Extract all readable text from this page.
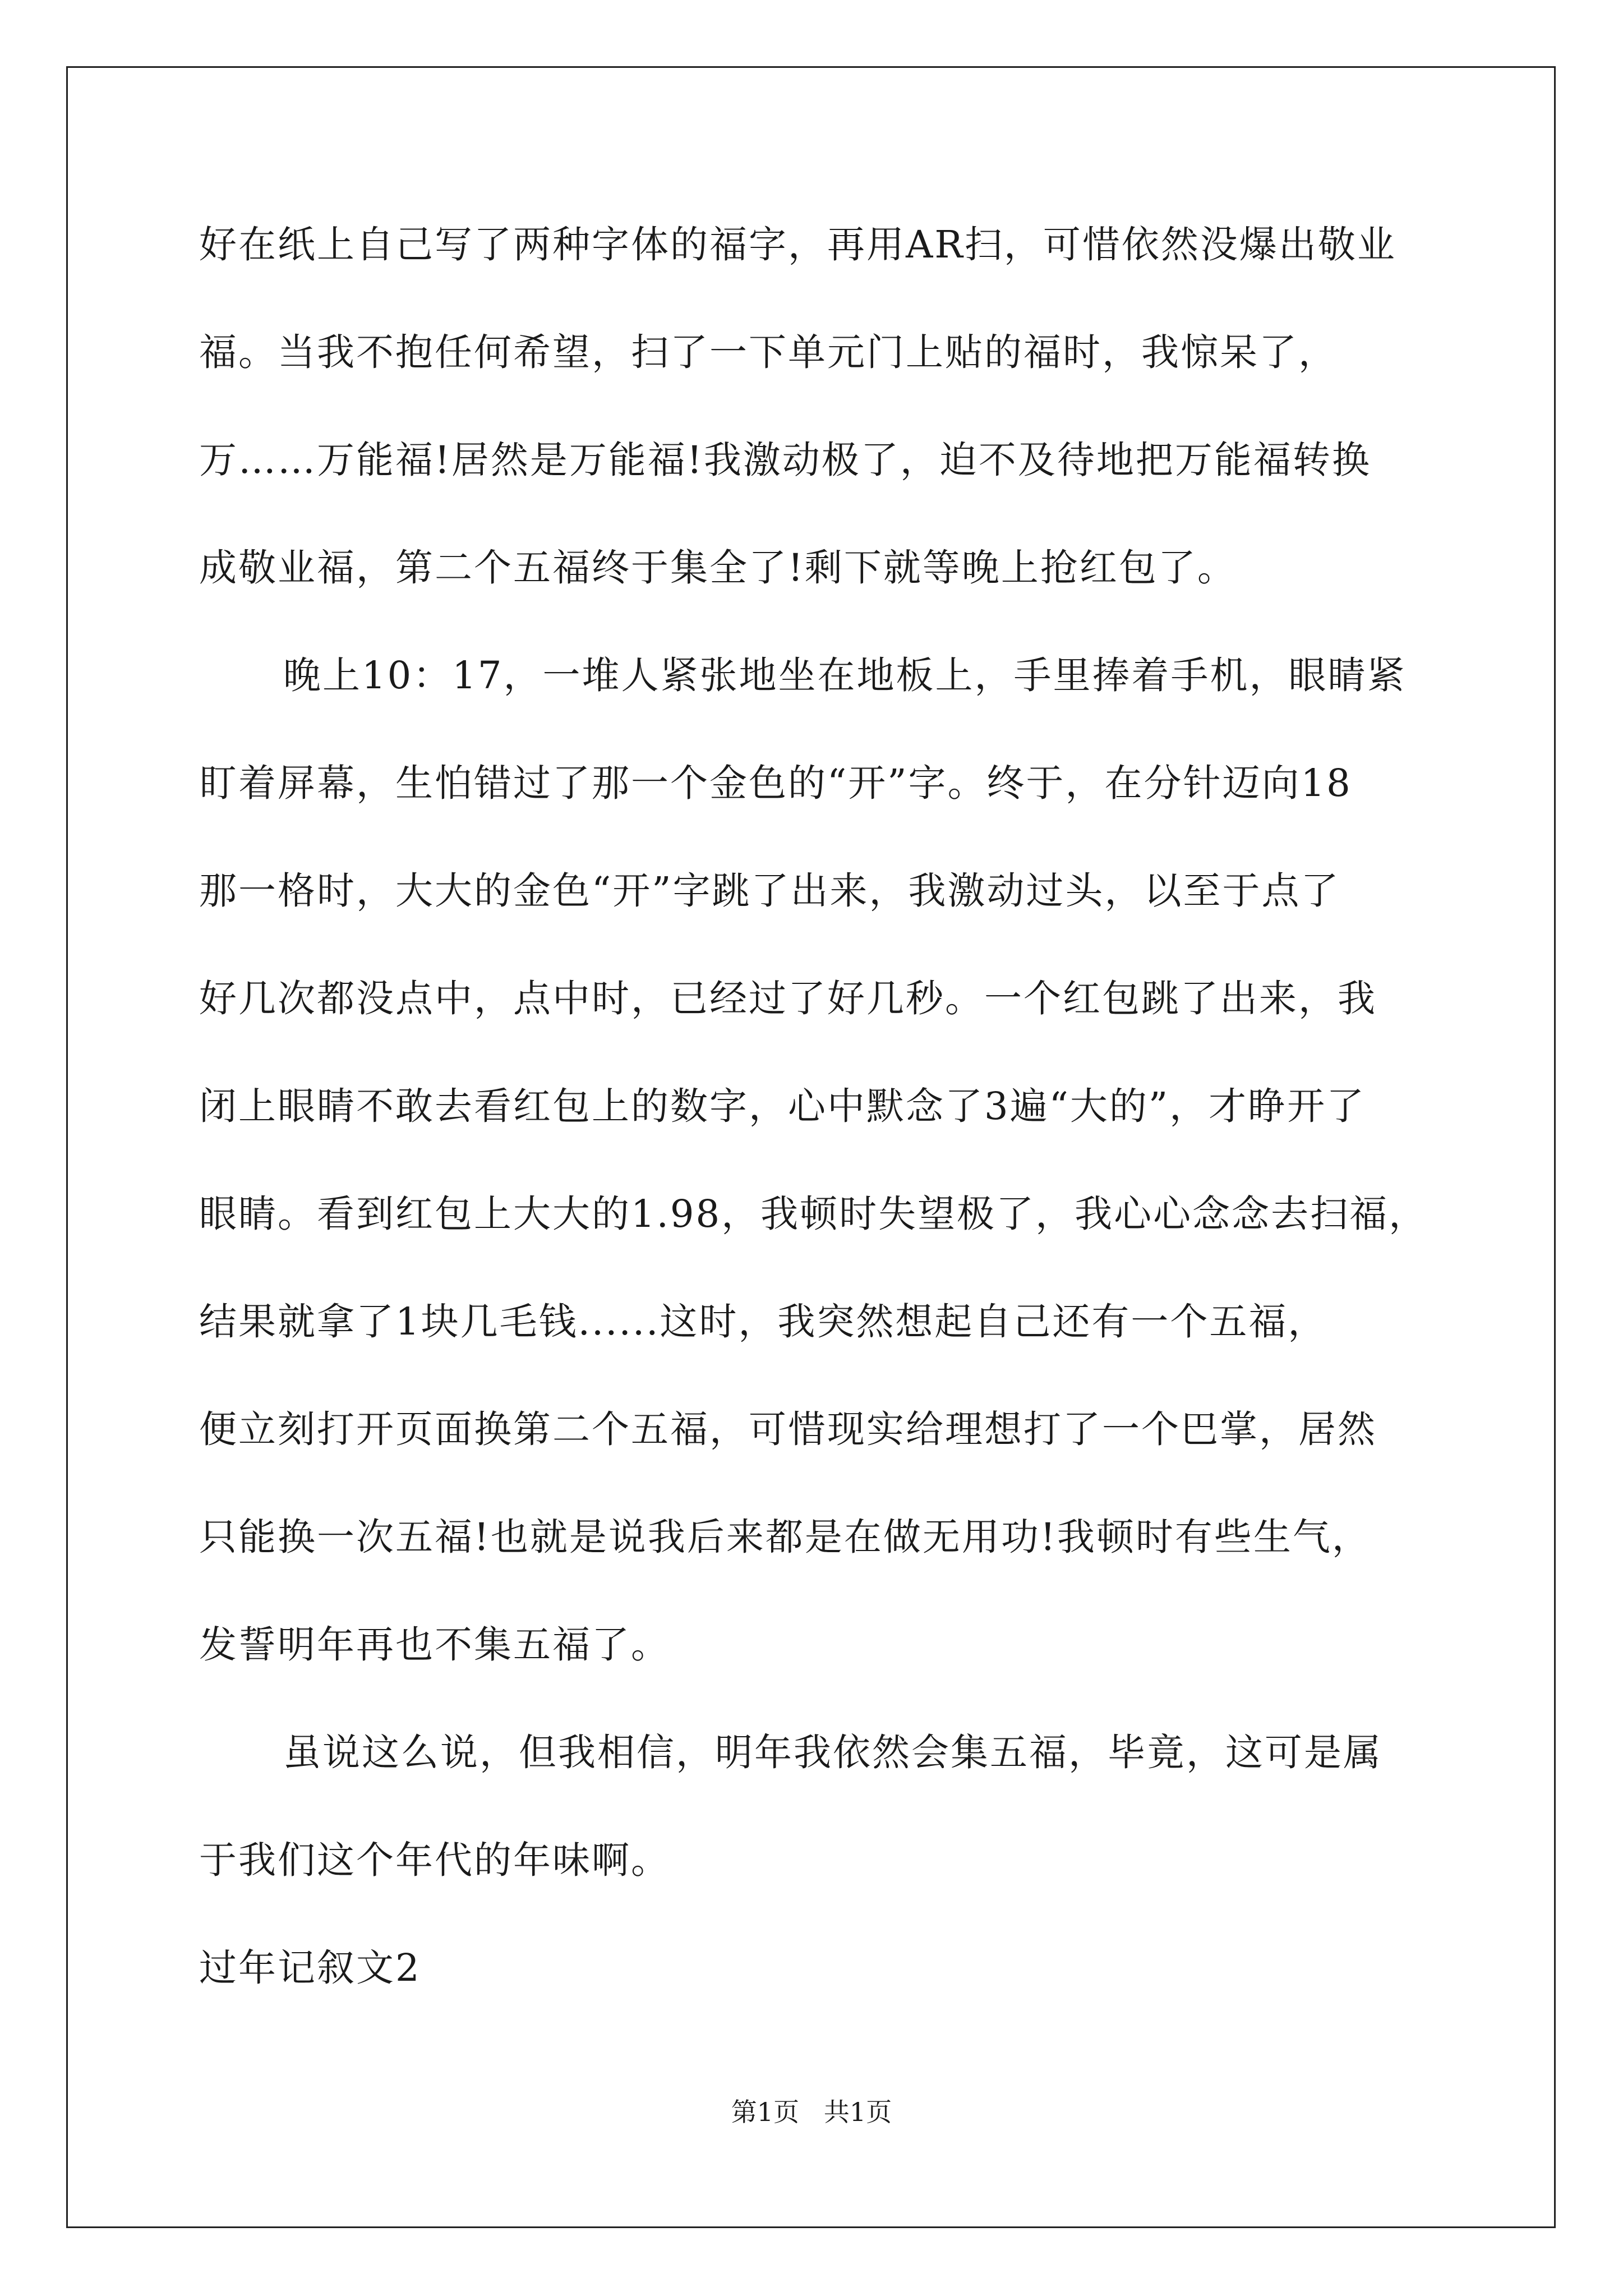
好在纸上自己写了两种字体的福字，再用AR扫，可惜依然没爆出敬业
福。当我不抱任何希望，扫了一下单元门上贴的福时，我惊呆了，
万……万能福!居然是万能福!我激动极了，迫不及待地把万能福转换
成敬业福，第二个五福终于集全了!剩下就等晚上抢红包了。
晚上10：17，一堆人紧张地坐在地板上，手里捧着手机，眼睛紧
盯着屏幕，生怕错过了那一个金色的“开”字。终于，在分针迈向18
那一格时，大大的金色“开”字跳了出来，我激动过头，以至于点了
好几次都没点中，点中时，已经过了好几秒。一个红包跳了出来，我
闭上眼睛不敢去看红包上的数字，心中默念了3遍“大的”，才睁开了
眼睛。看到红包上大大的1.98，我顿时失望极了，我心心念念去扫福，
结果就拿了1块几毛钱......这时，我突然想起自己还有一个五福，
便立刻打开页面换第二个五福，可惜现实给理想打了一个巴掌，居然
只能换一次五福!也就是说我后来都是在做无用功!我顿时有些生气，
发誓明年再也不集五福了。
虽说这么说，但我相信，明年我依然会集五福，毕竟，这可是属
于我们这个年代的年味啊。
过年记叙文2
第1页   共1页
